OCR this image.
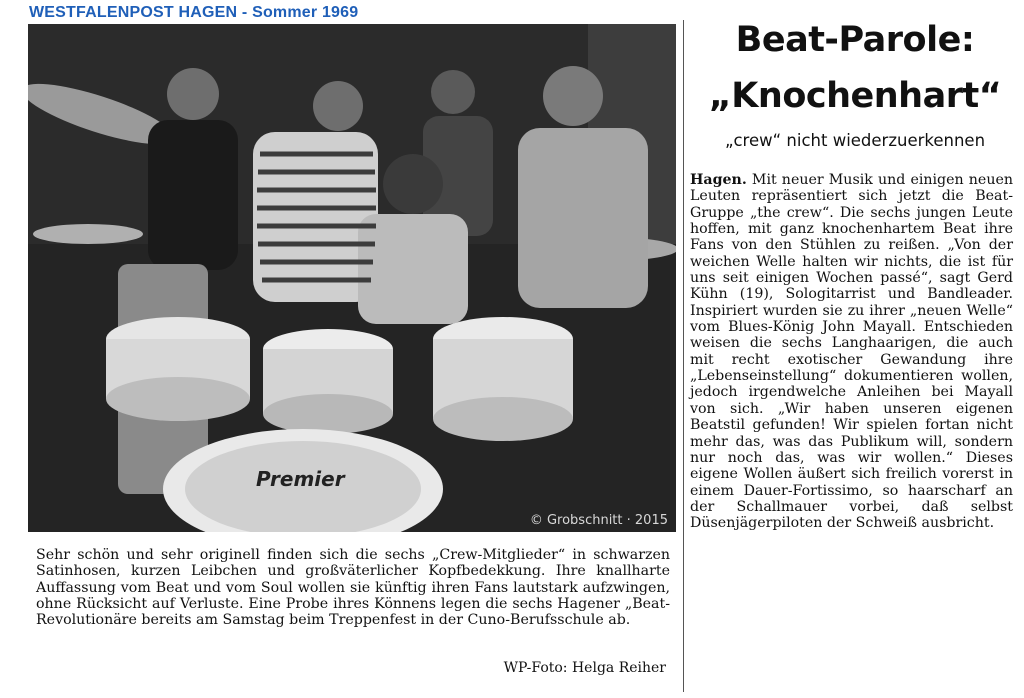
WESTFALENPOST HAGEN - Sommer 1969
Premier
© Grobschnitt · 2015
Sehr schön und sehr originell finden sich die sechs „Crew-Mitglieder“ in schwarzen Satinhosen, kurzen Leibchen und großväterlicher Kopfbedekkung. Ihre knallharte Auffassung vom Beat und vom Soul wollen sie künftig ihren Fans lautstark aufzwingen, ohne Rücksicht auf Verluste. Eine Probe ihres Könnens legen die sechs Hagener „Beat-Revolutionäre bereits am Samstag beim Treppenfest in der Cuno-Berufsschule ab.
WP-Foto: Helga Reiher
Beat-Parole:
„Knochenhart“
„crew“ nicht wiederzuerkennen
Hagen. Mit neuer Musik und einigen neuen Leuten repräsentiert sich jetzt die Beat-Gruppe „the crew“. Die sechs jungen Leute hoffen, mit ganz knochenhartem Beat ihre Fans von den Stühlen zu reißen. „Von der weichen Welle halten wir nichts, die ist für uns seit einigen Wochen passé“, sagt Gerd Kühn (19), Sologitarrist und Bandleader. Inspiriert wurden sie zu ihrer „neuen Welle“ vom Blues-König John Mayall. Entschieden weisen die sechs Langhaarigen, die auch mit recht exotischer Gewandung ihre „Lebenseinstellung“ dokumentieren wollen, jedoch irgendwelche Anleihen bei Mayall von sich. „Wir haben unseren eigenen Beatstil gefunden! Wir spielen fortan nicht mehr das, was das Publikum will, sondern nur noch das, was wir wollen.“ Dieses eigene Wollen äußert sich freilich vorerst in einem Dauer-Fortissimo, so haarscharf an der Schallmauer vorbei, daß selbst Düsenjägerpiloten der Schweiß ausbricht.
